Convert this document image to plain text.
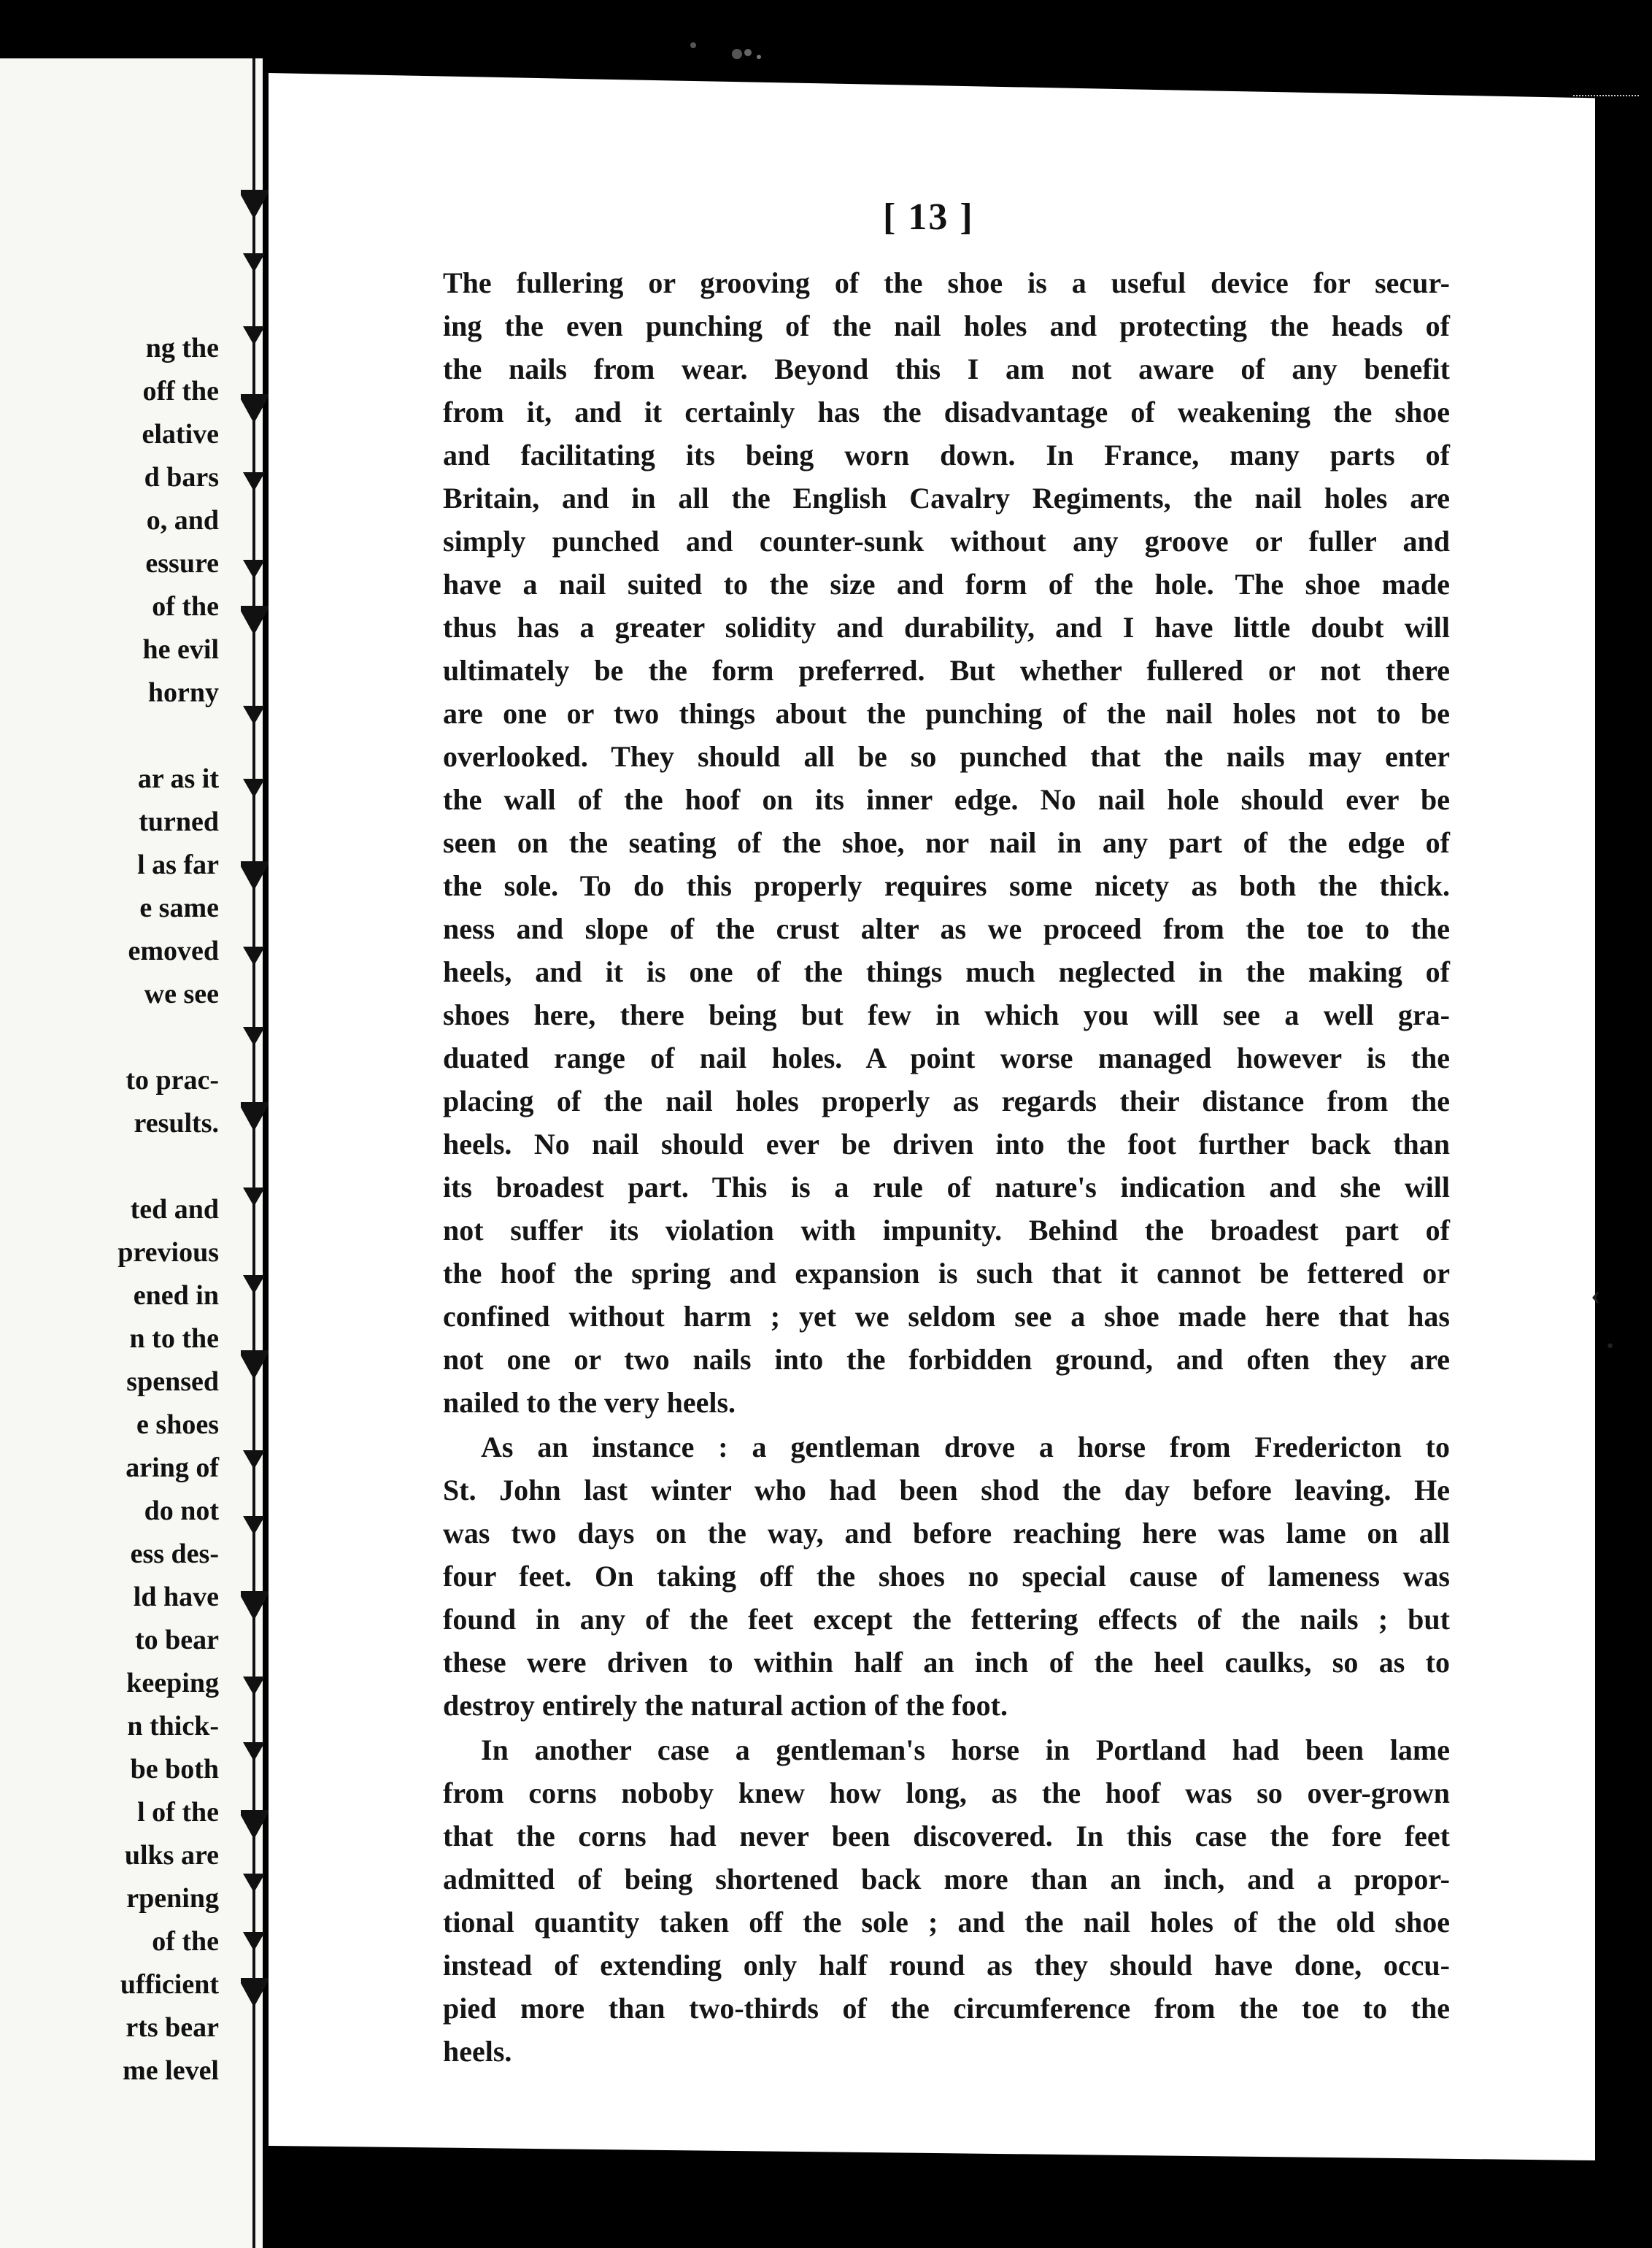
ng the
off the
elative
d bars
o, and
essure
of the
he evil
horny
ar as it
turned
l as far
e same
emoved
we see
to prac-
results.
ted and
previous
ened in
n to the
spensed
e shoes
aring of
do not
ess des-
ld have
to bear
keeping
n thick-
be both
l of the
ulks are
rpening
of the
ufficient
rts bear
me level
[ 13 ]
The fullering or grooving of the shoe is a useful device for secur-
ing the even punching of the nail holes and protecting the heads of
the nails from wear. Beyond this I am not aware of any benefit
from it, and it certainly has the disadvantage of weakening the shoe
and facilitating its being worn down. In France, many parts of
Britain, and in all the English Cavalry Regiments, the nail holes are
simply punched and counter-sunk without any groove or fuller and
have a nail suited to the size and form of the hole. The shoe made
thus has a greater solidity and durability, and I have little doubt will
ultimately be the form preferred. But whether fullered or not there
are one or two things about the punching of the nail holes not to be
overlooked. They should all be so punched that the nails may enter
the wall of the hoof on its inner edge. No nail hole should ever be
seen on the seating of the shoe, nor nail in any part of the edge of
the sole. To do this properly requires some nicety as both the thick.
ness and slope of the crust alter as we proceed from the toe to the
heels, and it is one of the things much neglected in the making of
shoes here, there being but few in which you will see a well gra-
duated range of nail holes. A point worse managed however is the
placing of the nail holes properly as regards their distance from the
heels. No nail should ever be driven into the foot further back than
its broadest part. This is a rule of nature's indication and she will
not suffer its violation with impunity. Behind the broadest part of
the hoof the spring and expansion is such that it cannot be fettered or
confined without harm ; yet we seldom see a shoe made here that has
not one or two nails into the forbidden ground, and often they are
nailed to the very heels.
As an instance : a gentleman drove a horse from Fredericton to
St. John last winter who had been shod the day before leaving. He
was two days on the way, and before reaching here was lame on all
four feet. On taking off the shoes no special cause of lameness was
found in any of the feet except the fettering effects of the nails ; but
these were driven to within half an inch of the heel caulks, so as to
destroy entirely the natural action of the foot.
In another case a gentleman's horse in Portland had been lame
from corns noboby knew how long, as the hoof was so over-grown
that the corns had never been discovered. In this case the fore feet
admitted of being shortened back more than an inch, and a propor-
tional quantity taken off the sole ; and the nail holes of the old shoe
instead of extending only half round as they should have done, occu-
pied more than two-thirds of the circumference from the toe to the
heels.
‹
·
